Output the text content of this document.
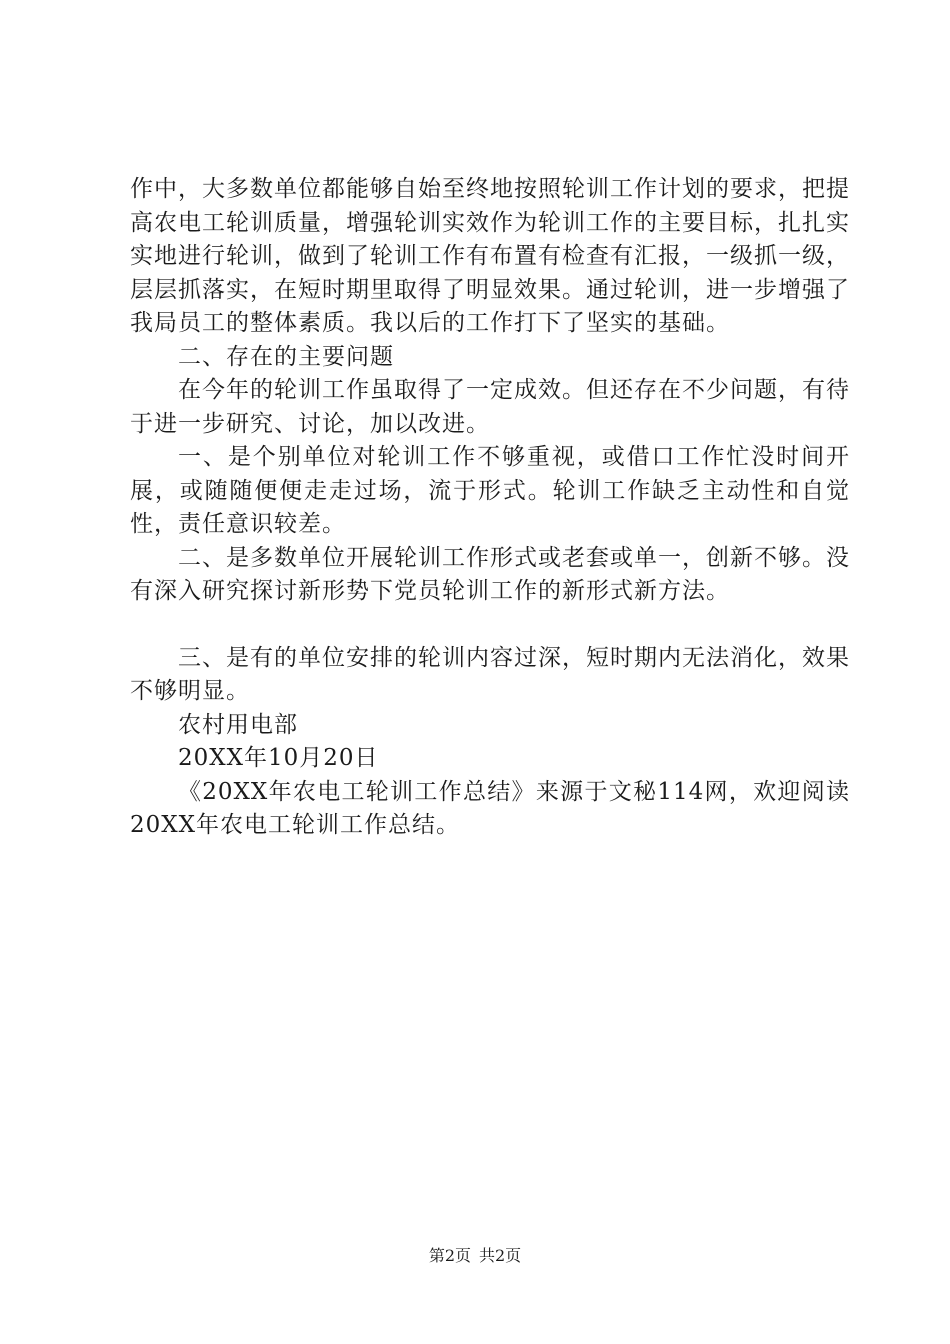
作中，大多数单位都能够自始至终地按照轮训工作计划的要求，把提高农电工轮训质量，增强轮训实效作为轮训工作的主要目标，扎扎实实地进行轮训，做到了轮训工作有布置有检查有汇报，一级抓一级，层层抓落实，在短时期里取得了明显效果。通过轮训，进一步增强了我局员工的整体素质。我以后的工作打下了坚实的基础。

二、存在的主要问题

在今年的轮训工作虽取得了一定成效。但还存在不少问题，有待于进一步研究、讨论，加以改进。

一、是个别单位对轮训工作不够重视，或借口工作忙没时间开展，或随随便便走走过场，流于形式。轮训工作缺乏主动性和自觉性，责任意识较差。

二、是多数单位开展轮训工作形式或老套或单一，创新不够。没有深入研究探讨新形势下党员轮训工作的新形式新方法。

三、是有的单位安排的轮训内容过深，短时期内无法消化，效果不够明显。

农村用电部

20XX年10月20日

《20XX年农电工轮训工作总结》来源于文秘114网，欢迎阅读20XX年农电工轮训工作总结。

第2页 共2页
